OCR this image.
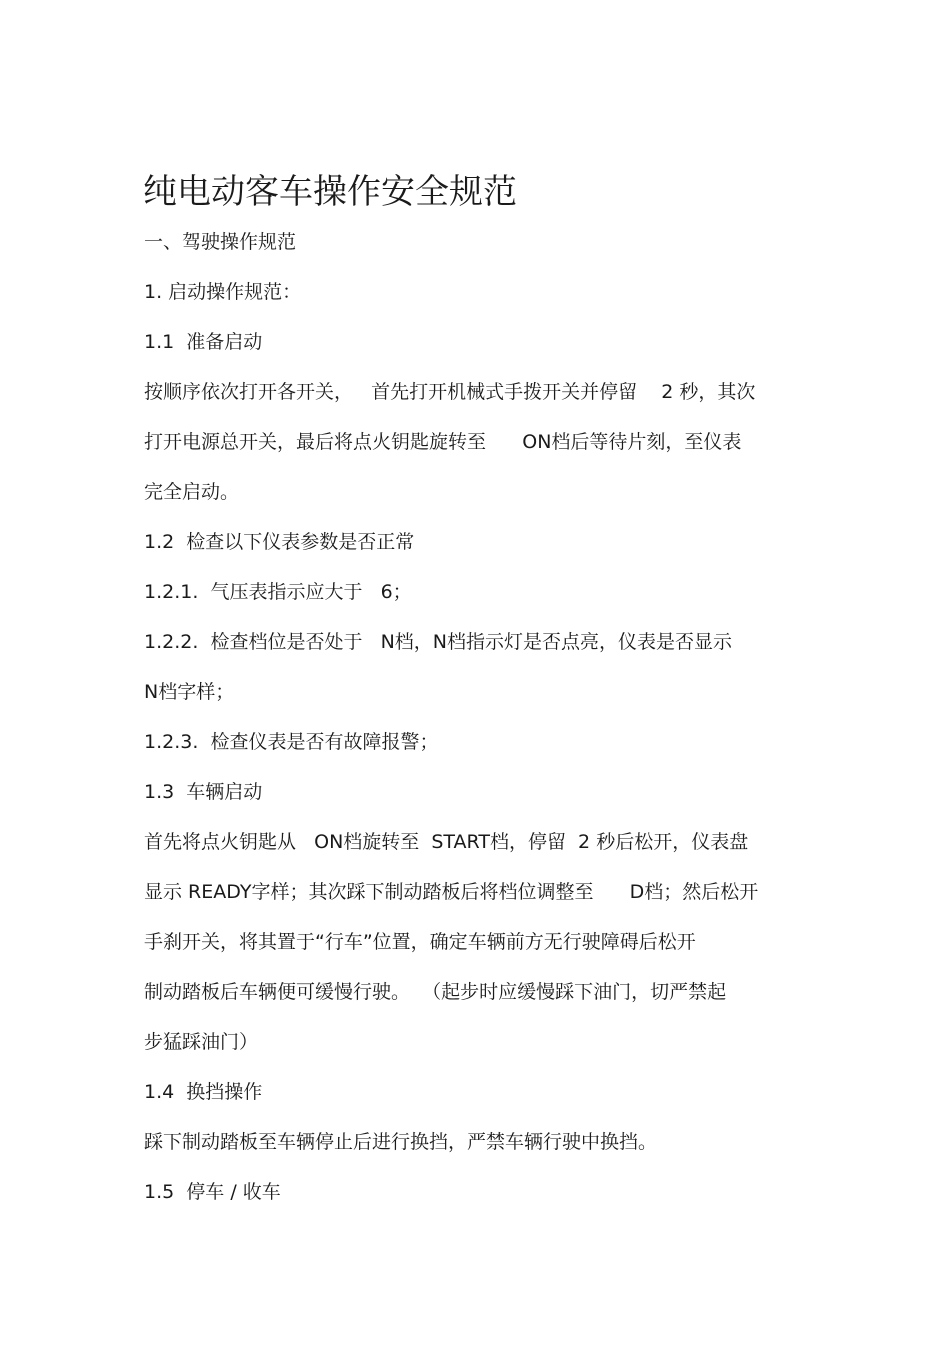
纯电动客车操作安全规范
一、驾驶操作规范
1. 启动操作规范：
1.1  准备启动
按顺序依次打开各开关，   首先打开机械式手拨开关并停留    2 秒，其次
打开电源总开关，最后将点火钥匙旋转至      ON档后等待片刻，至仪表
完全启动。
1.2  检查以下仪表参数是否正常
1.2.1.  气压表指示应大于   6；
1.2.2.  检查档位是否处于   N档，N档指示灯是否点亮，仪表是否显示
N档字样；
1.2.3.  检查仪表是否有故障报警；
1.3  车辆启动
首先将点火钥匙从   ON档旋转至  START档，停留  2 秒后松开，仪表盘
显示 READY字样；其次踩下制动踏板后将档位调整至      D档；然后松开
手刹开关，将其置于“行车”位置，确定车辆前方无行驶障碍后松开
制动踏板后车辆便可缓慢行驶。  （起步时应缓慢踩下油门，切严禁起
步猛踩油门）
1.4  换挡操作
踩下制动踏板至车辆停止后进行换挡，严禁车辆行驶中换挡。
1.5  停车 / 收车
